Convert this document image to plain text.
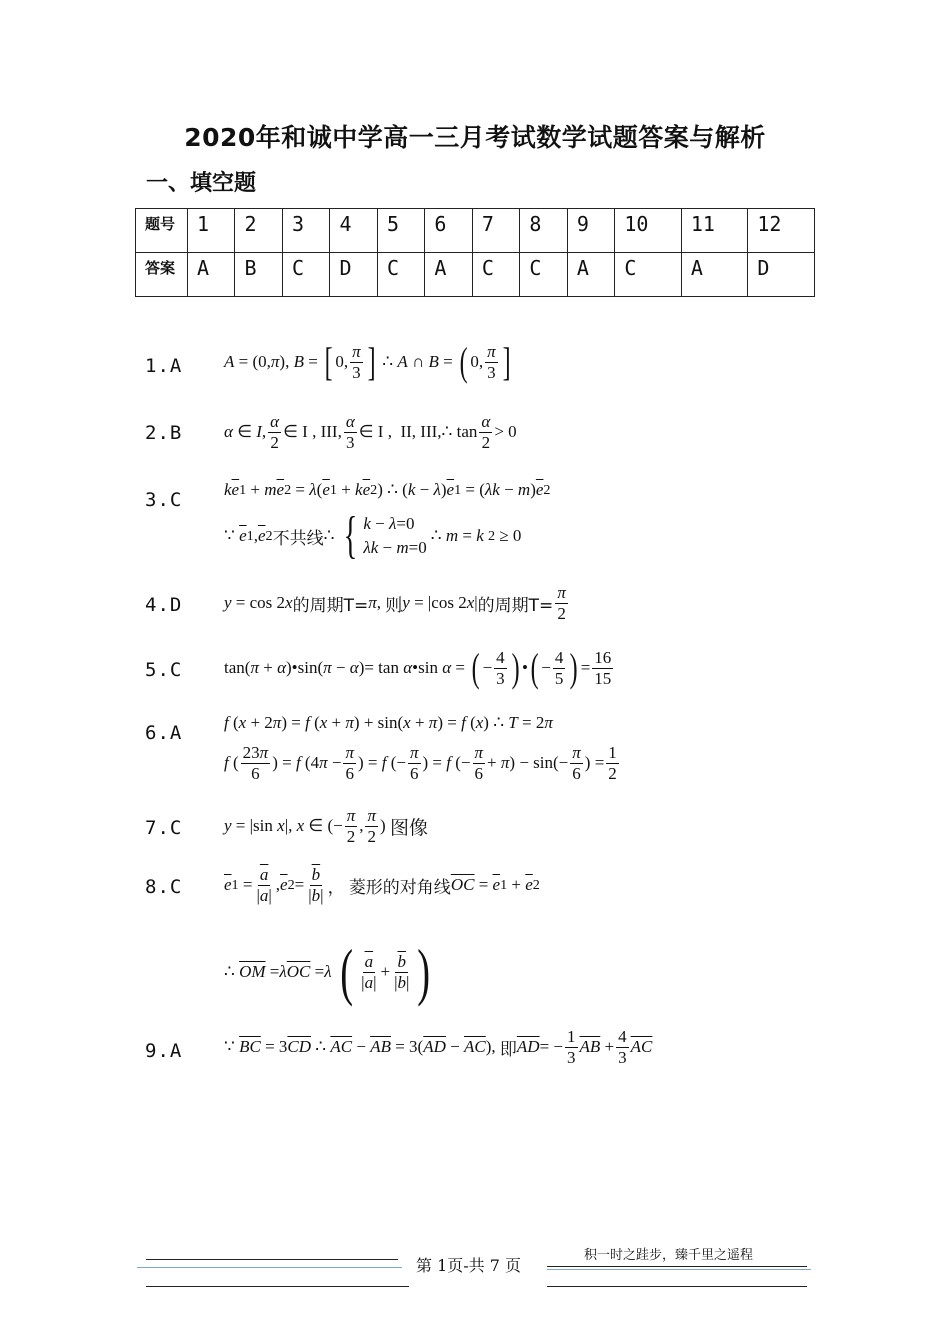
2020年和诚中学高一三月考试数学试题答案与解析
一、填空题
题号	1	2	3	4	5	6	7	8	9	10	11	12
答案	A	B	C	D	C	A	C	C	A	C	A	D
1.A A = (0, π ), B = [ 0, $\frac{\pi}{3}$ ] ∴ A ∩ B = ( 0, $\frac{\pi}{3}$ ]
2.B α ∈ I , $\frac{\alpha}{2}$ ∈ I , III, $\frac{\alpha}{3}$ ∈ I ,  II, III,∴ $\tan \frac{\alpha}{2} > 0$
3.C k $\overline{e}$ 1 + m $\overline{e}$ 2 = λ ( $\overline{e}$ 1 + k $\overline{e}$ 2 ) ∴ ( k − λ ) $\overline{e}$ 1 = ( λk − m ) $\overline{e}$ 2
∵ $\overline{e}$ 1 , $\overline{e}$ 2 不共线 ∴ { k − λ=0
λk − m=0
∴ m = k
2 ≥ 0
4.D y = cos 2 x 的周期T= π , 则 y = |cos 2 x | 的周期$T= \frac{\pi}{2}$
5.C tan( π + α )•sin( π − α )= tan α •sin α = ( − $\frac{4}{3}$ ) • ( − $\frac{4}{5}$ ) = $\frac{16}{15}$
6.A f ( x + 2 π ) = f ( x + π ) + sin( x + π ) = f ( x ) ∴ T = 2 π
f ( $\frac{23\pi}{6}$ ) = f (4 $\pi - \frac{\pi}{6}$ ) = f (− $\frac{\pi}{6}$ ) = f (− $\frac{\pi}{6} + \pi$ ) − $\sin(- \frac{\pi}{6}$ ) = $\frac{1}{2}$
7.C y = |sin x |, x ∈ (− $\frac{\pi}{2}$ , $\frac{\pi}{2}$ ) 图像
8.C $\overline{e}$ $1 = \frac{\overline{a}}{|\overline{a}|}$ , $\overline{e}$ $2 = \frac{\overline{b}}{|\overline{b}|}$ ， 菱形的对角线 $\overline{OC} = \overline{e}$ $1 + \overline{e}$ 2
∴ $\overline{OM} = \lambda$ $\overline{OC} = \lambda$
( $\frac{\overline{a}}{|\overline{a}|} + \frac{\overline{b}}{|\overline{b}|}$ )
9.A ∵ $\overline{BC} = 3$ $\overline{CD}$ ∴ $\overline{AC} - \overline{AB} = 3$( $\overline{AD} - \overline{AC}$ ), 即 $\overline{AD}$ = − $\frac{1}{3} \overline{AB} + \frac{4}{3} \overline{AC}$
第 1页-共 7 页
积一时之跬步，臻千里之遥程
